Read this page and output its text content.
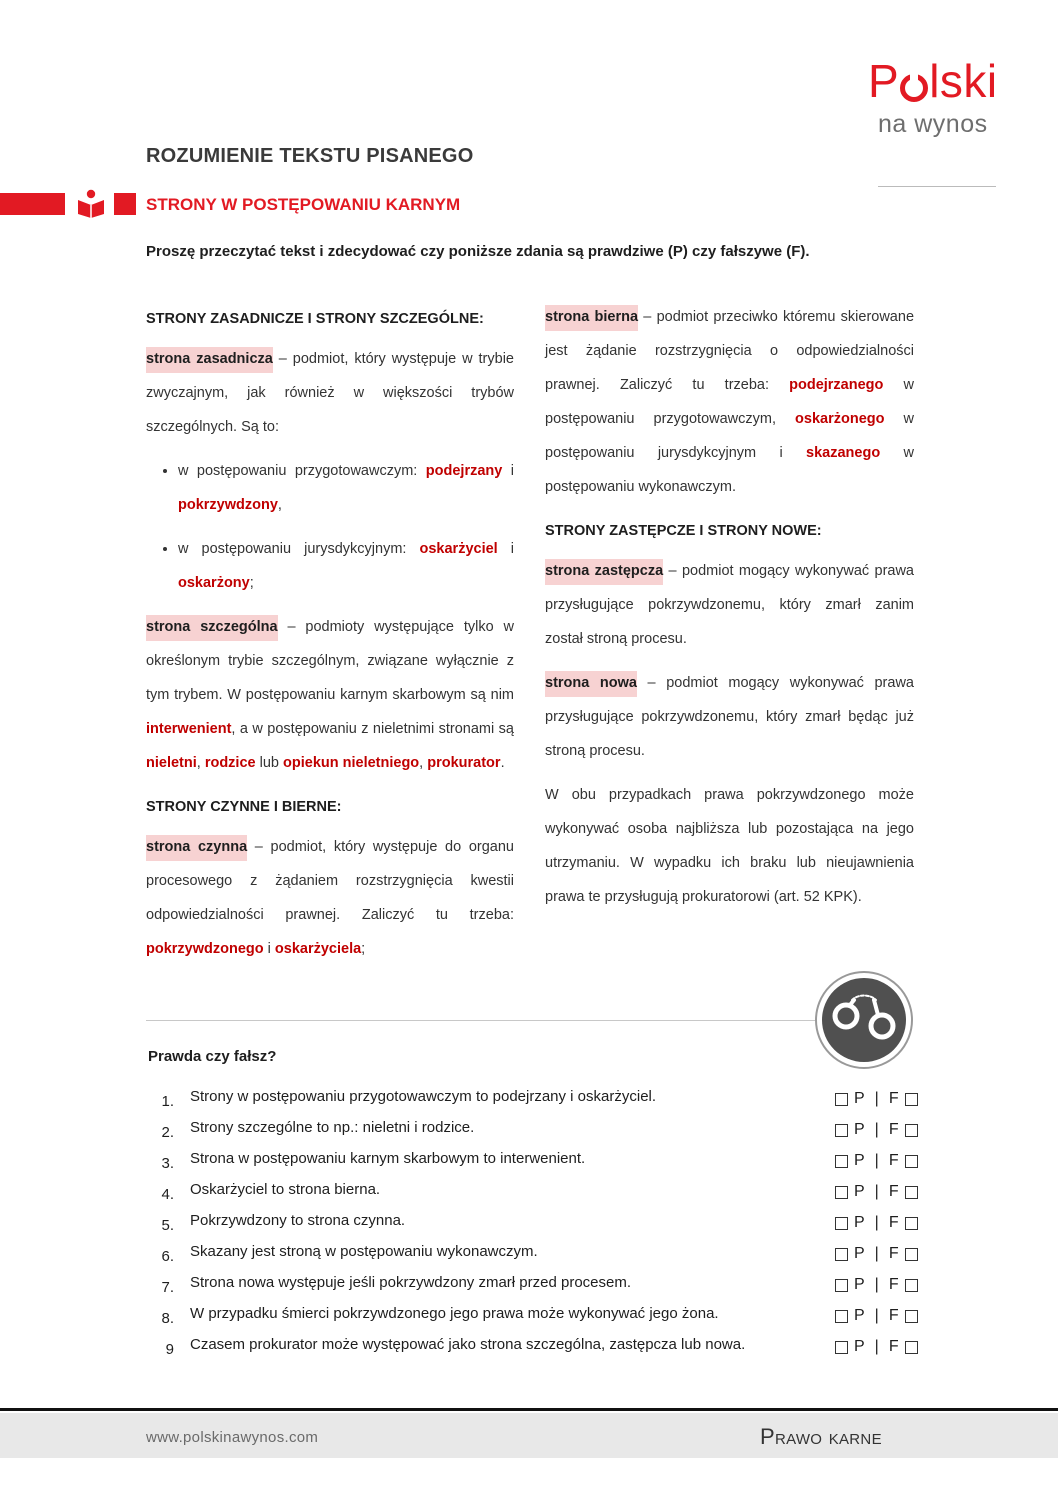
P lski
na wynos
ROZUMIENIE TEKSTU PISANEGO
STRONY W POSTĘPOWANIU KARNYM
Proszę przeczytać tekst i zdecydować czy poniższe zdania są prawdziwe (P) czy fałszywe (F).

STRONY ZASADNICZE I STRONY SZCZEGÓLNE:

strona zasadnicza – podmiot, który występuje w trybie zwyczajnym, jak również w większości trybów szczególnych. Są to:

• w postępowaniu przygotowawczym: podejrzany i pokrzywdzony,
• w postępowaniu jurysdykcyjnym: oskarżyciel i oskarżony;

strona szczególna – podmioty występujące tylko w określonym trybie szczególnym, związane wyłącznie z tym trybem. W postępowaniu karnym skarbowym są nim interwenient, a w postępowaniu z nieletnimi stronami są nieletni, rodzice lub opiekun nieletniego, prokurator.

STRONY CZYNNE I BIERNE:

strona czynna – podmiot, który występuje do organu procesowego z żądaniem rozstrzygnięcia kwestii odpowiedzialności prawnej. Zaliczyć tu trzeba: pokrzywdzonego i oskarżyciela;

strona bierna – podmiot przeciwko któremu skierowane jest żądanie rozstrzygnięcia o odpowiedzialności prawnej. Zaliczyć tu trzeba: podejrzanego w postępowaniu przygotowawczym, oskarżonego w postępowaniu jurysdykcyjnym i skazanego w postępowaniu wykonawczym.

STRONY ZASTĘPCZE I STRONY NOWE:

strona zastępcza – podmiot mogący wykonywać prawa przysługujące pokrzywdzonemu, który zmarł zanim został stroną procesu.

strona nowa – podmiot mogący wykonywać prawa przysługujące pokrzywdzonemu, który zmarł będąc już stroną procesu.

W obu przypadkach prawa pokrzywdzonego może wykonywać osoba najbliższa lub pozostająca na jego utrzymaniu. W wypadku ich braku lub nieujawnienia prawa te przysługują prokuratorowi (art. 52 KPK).

Prawda czy fałsz?
1. Strony w postępowaniu przygotowawczym to podejrzany i oskarżyciel.	P | F
2. Strony szczególne to np.: nieletni i rodzice.	P | F
3. Strona w postępowaniu karnym skarbowym to interwenient.	P | F
4. Oskarżyciel to strona bierna.	P | F
5. Pokrzywdzony to strona czynna.	P | F
6. Skazany jest stroną w postępowaniu wykonawczym.	P | F
7. Strona nowa występuje jeśli pokrzywdzony zmarł przed procesem.	P | F
8. W przypadku śmierci pokrzywdzonego jego prawa może wykonywać jego żona.	P | F
9 Czasem prokurator może występować jako strona szczególna, zastępcza lub nowa.	P | F
www.polskinawynos.com	Prawo karne
